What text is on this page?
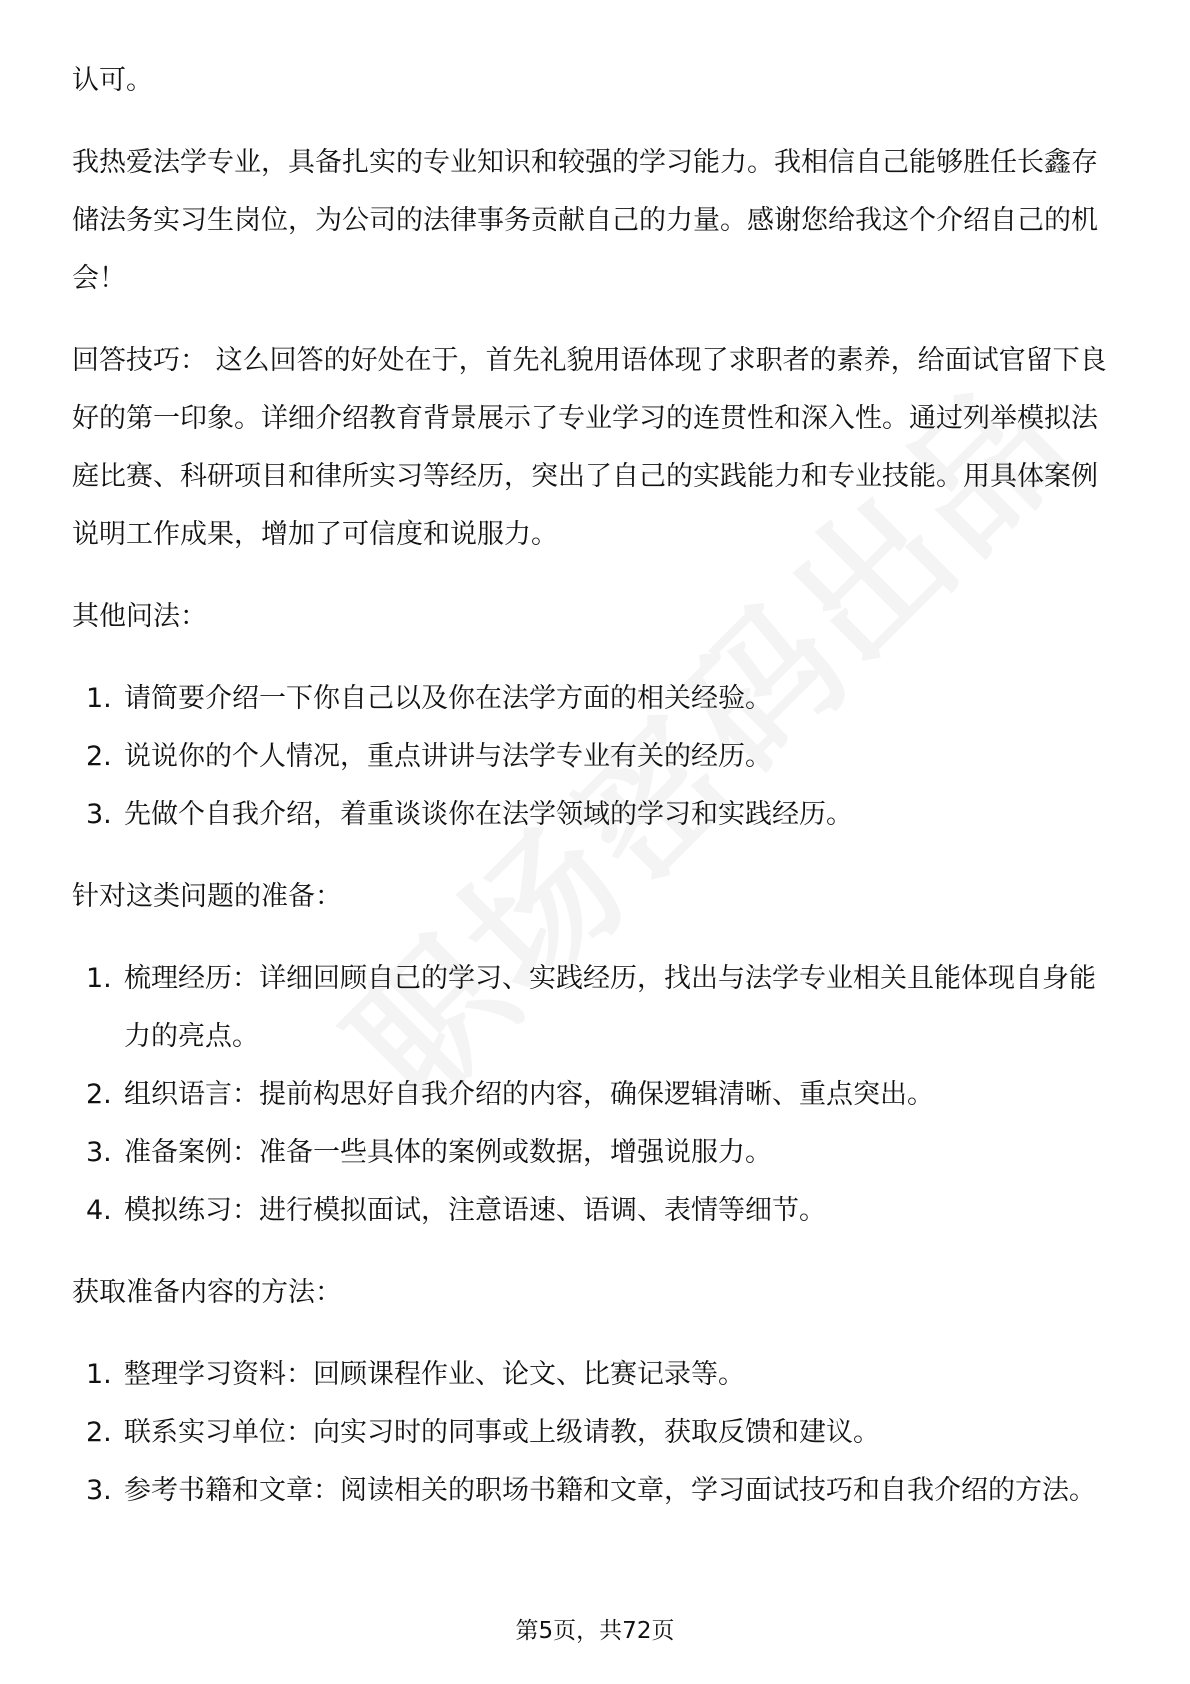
认可。

我热爱法学专业，具备扎实的专业知识和较强的学习能力。我相信自己能够胜任长鑫存储法务实习生岗位，为公司的法律事务贡献自己的力量。感谢您给我这个介绍自己的机会！

回答技巧： 这么回答的好处在于，首先礼貌用语体现了求职者的素养，给面试官留下良好的第一印象。详细介绍教育背景展示了专业学习的连贯性和深入性。通过列举模拟法庭比赛、科研项目和律所实习等经历，突出了自己的实践能力和专业技能。用具体案例说明工作成果，增加了可信度和说服力。

其他问法：

1. 请简要介绍一下你自己以及你在法学方面的相关经验。
2. 说说你的个人情况，重点讲讲与法学专业有关的经历。
3. 先做个自我介绍，着重谈谈你在法学领域的学习和实践经历。

针对这类问题的准备：

1. 梳理经历：详细回顾自己的学习、实践经历，找出与法学专业相关且能体现自身能力的亮点。
2. 组织语言：提前构思好自我介绍的内容，确保逻辑清晰、重点突出。
3. 准备案例：准备一些具体的案例或数据，增强说服力。
4. 模拟练习：进行模拟面试，注意语速、语调、表情等细节。

获取准备内容的方法：

1. 整理学习资料：回顾课程作业、论文、比赛记录等。
2. 联系实习单位：向实习时的同事或上级请教，获取反馈和建议。
3. 参考书籍和文章：阅读相关的职场书籍和文章，学习面试技巧和自我介绍的方法。
第5页，共72页
